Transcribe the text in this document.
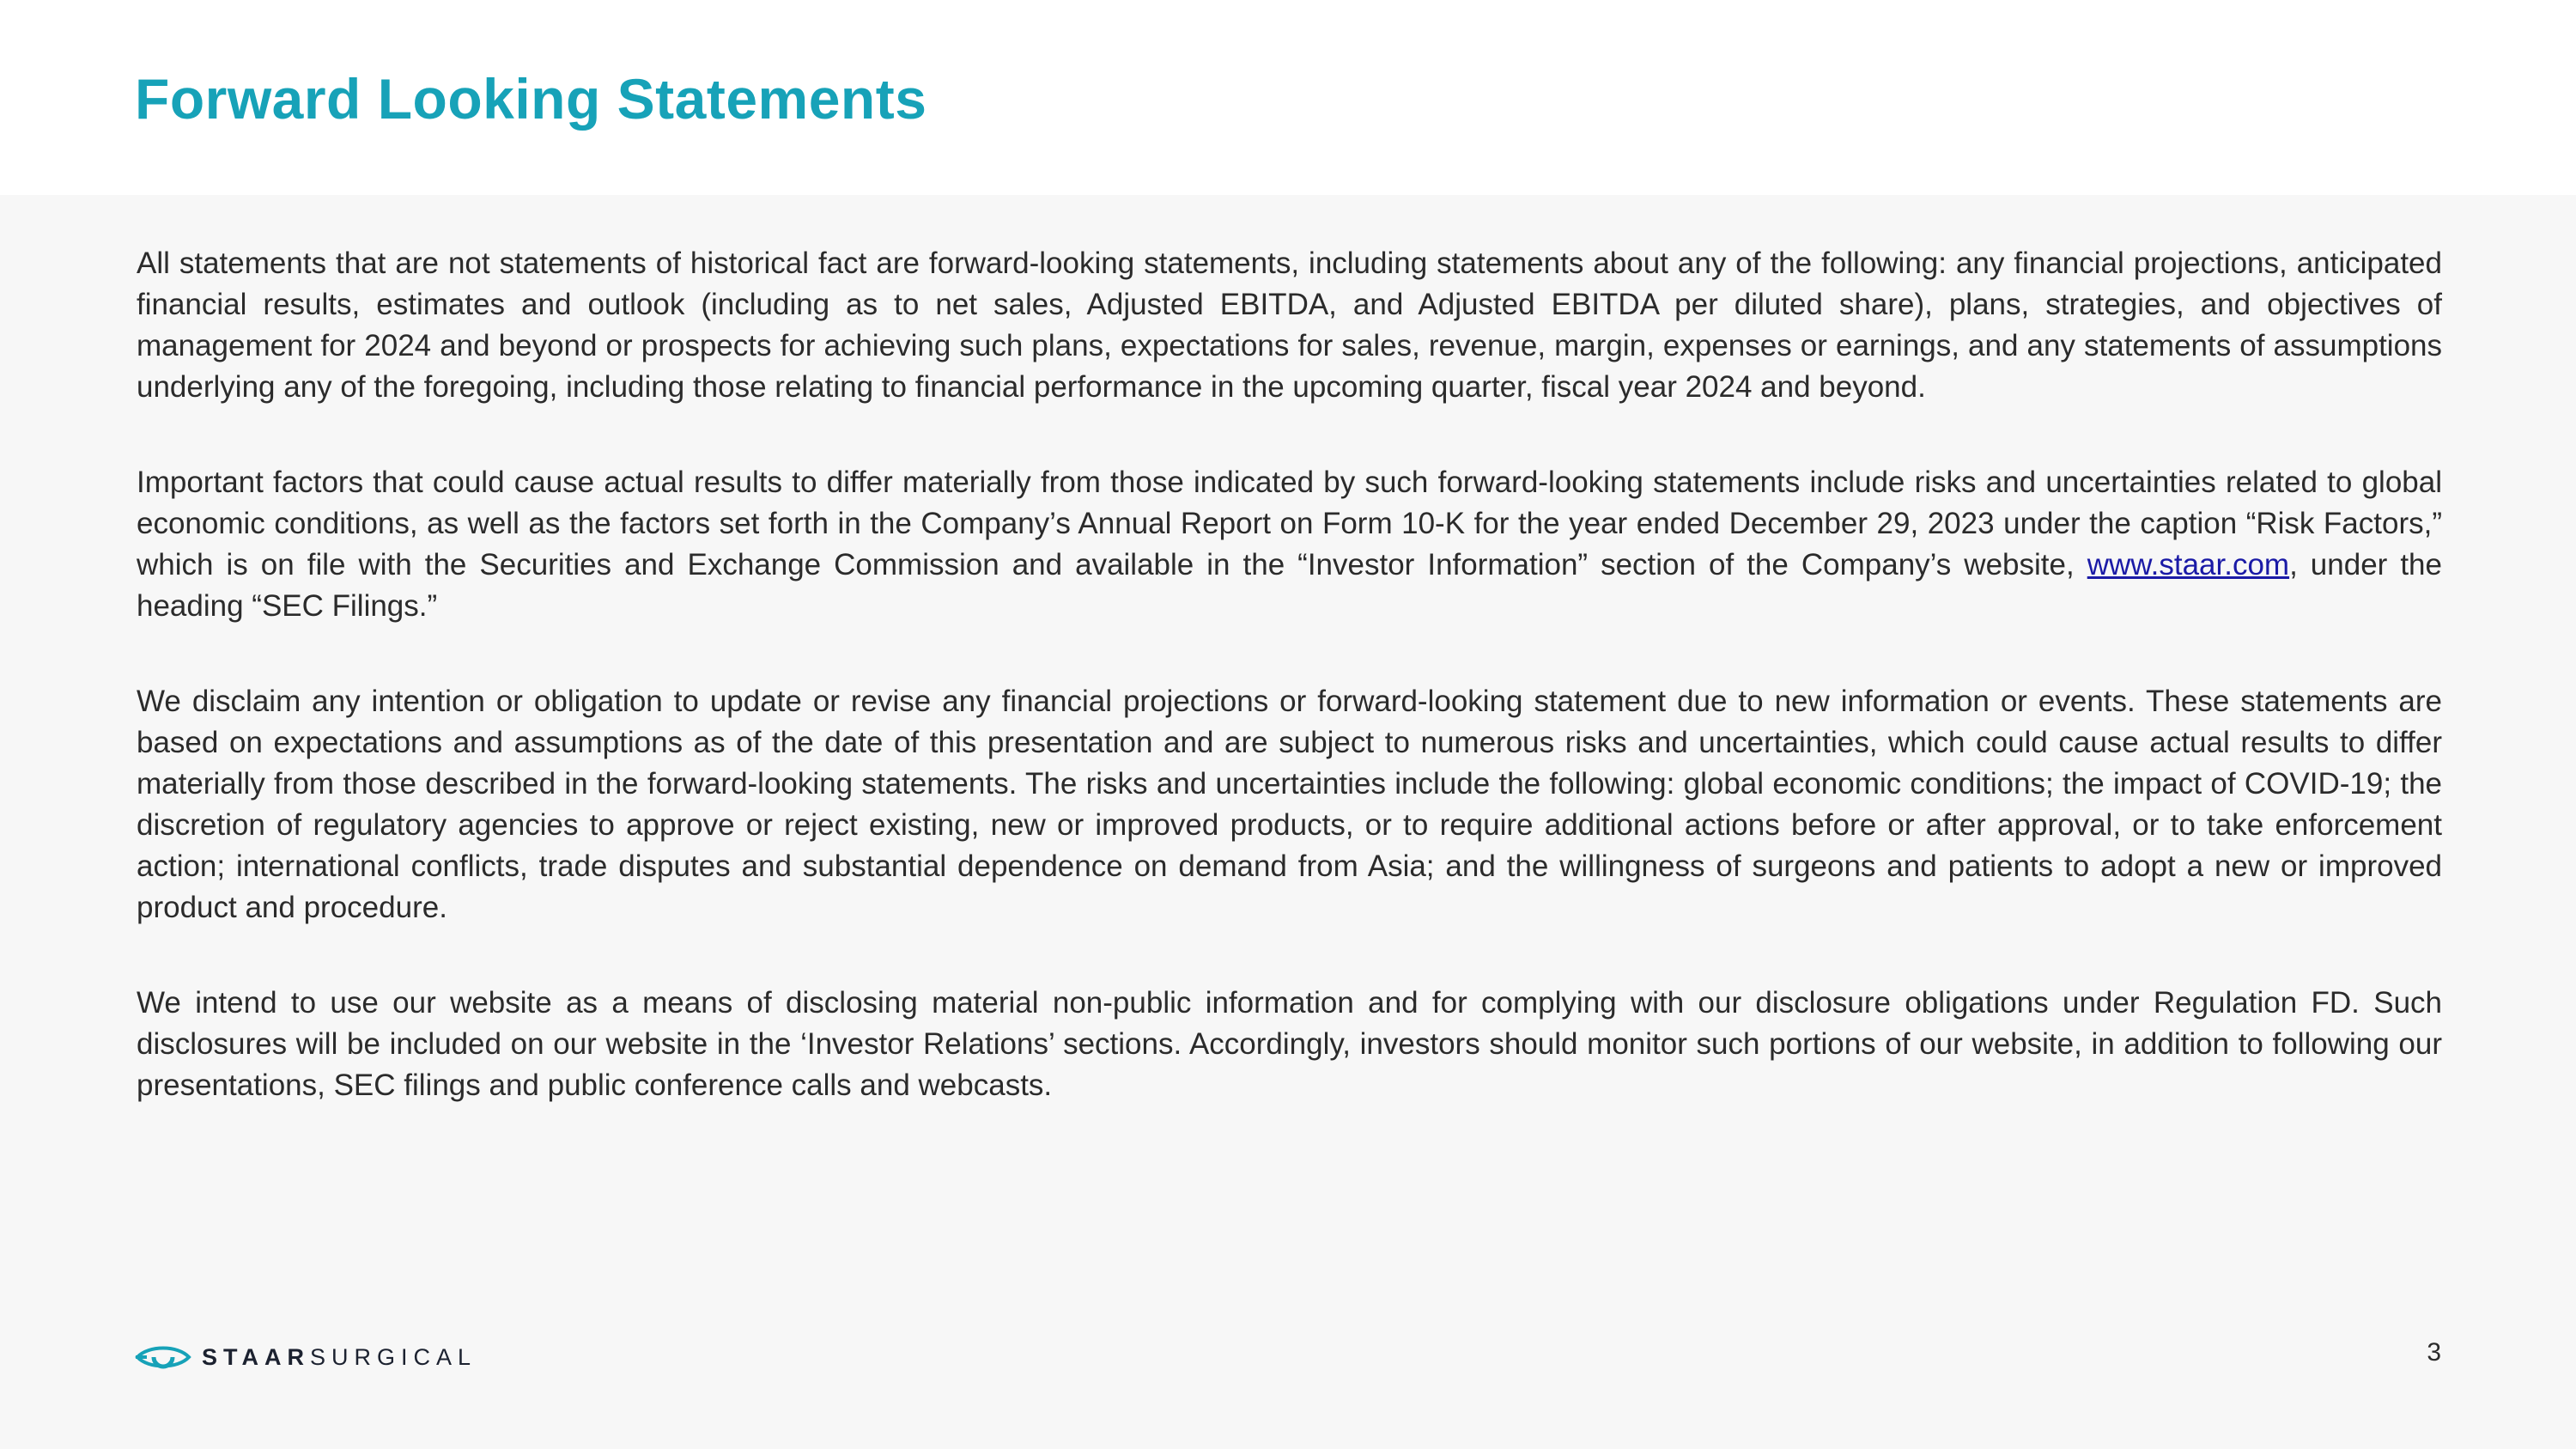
Forward Looking Statements

All statements that are not statements of historical fact are forward-looking statements, including statements about any of the following: any financial projections, anticipated financial results, estimates and outlook (including as to net sales, Adjusted EBITDA, and Adjusted EBITDA per diluted share), plans, strategies, and objectives of management for 2024 and beyond or prospects for achieving such plans, expectations for sales, revenue, margin, expenses or earnings, and any statements of assumptions underlying any of the foregoing, including those relating to financial performance in the upcoming quarter, fiscal year 2024 and beyond.

Important factors that could cause actual results to differ materially from those indicated by such forward-looking statements include risks and uncertainties related to global economic conditions, as well as the factors set forth in the Company’s Annual Report on Form 10-K for the year ended December 29, 2023 under the caption “Risk Factors,” which is on file with the Securities and Exchange Commission and available in the “Investor Information” section of the Company’s website, www.staar.com, under the heading “SEC Filings.”

We disclaim any intention or obligation to update or revise any financial projections or forward-looking statement due to new information or events. These statements are based on expectations and assumptions as of the date of this presentation and are subject to numerous risks and uncertainties, which could cause actual results to differ materially from those described in the forward-looking statements. The risks and uncertainties include the following: global economic conditions; the impact of COVID-19; the discretion of regulatory agencies to approve or reject existing, new or improved products, or to require additional actions before or after approval, or to take enforcement action; international conflicts, trade disputes and substantial dependence on demand from Asia; and the willingness of surgeons and patients to adopt a new or improved product and procedure.

We intend to use our website as a means of disclosing material non-public information and for complying with our disclosure obligations under Regulation FD. Such disclosures will be included on our website in the ‘Investor Relations’ sections. Accordingly, investors should monitor such portions of our website, in addition to following our presentations, SEC filings and public conference calls and webcasts.

STAARSURGICAL	3
